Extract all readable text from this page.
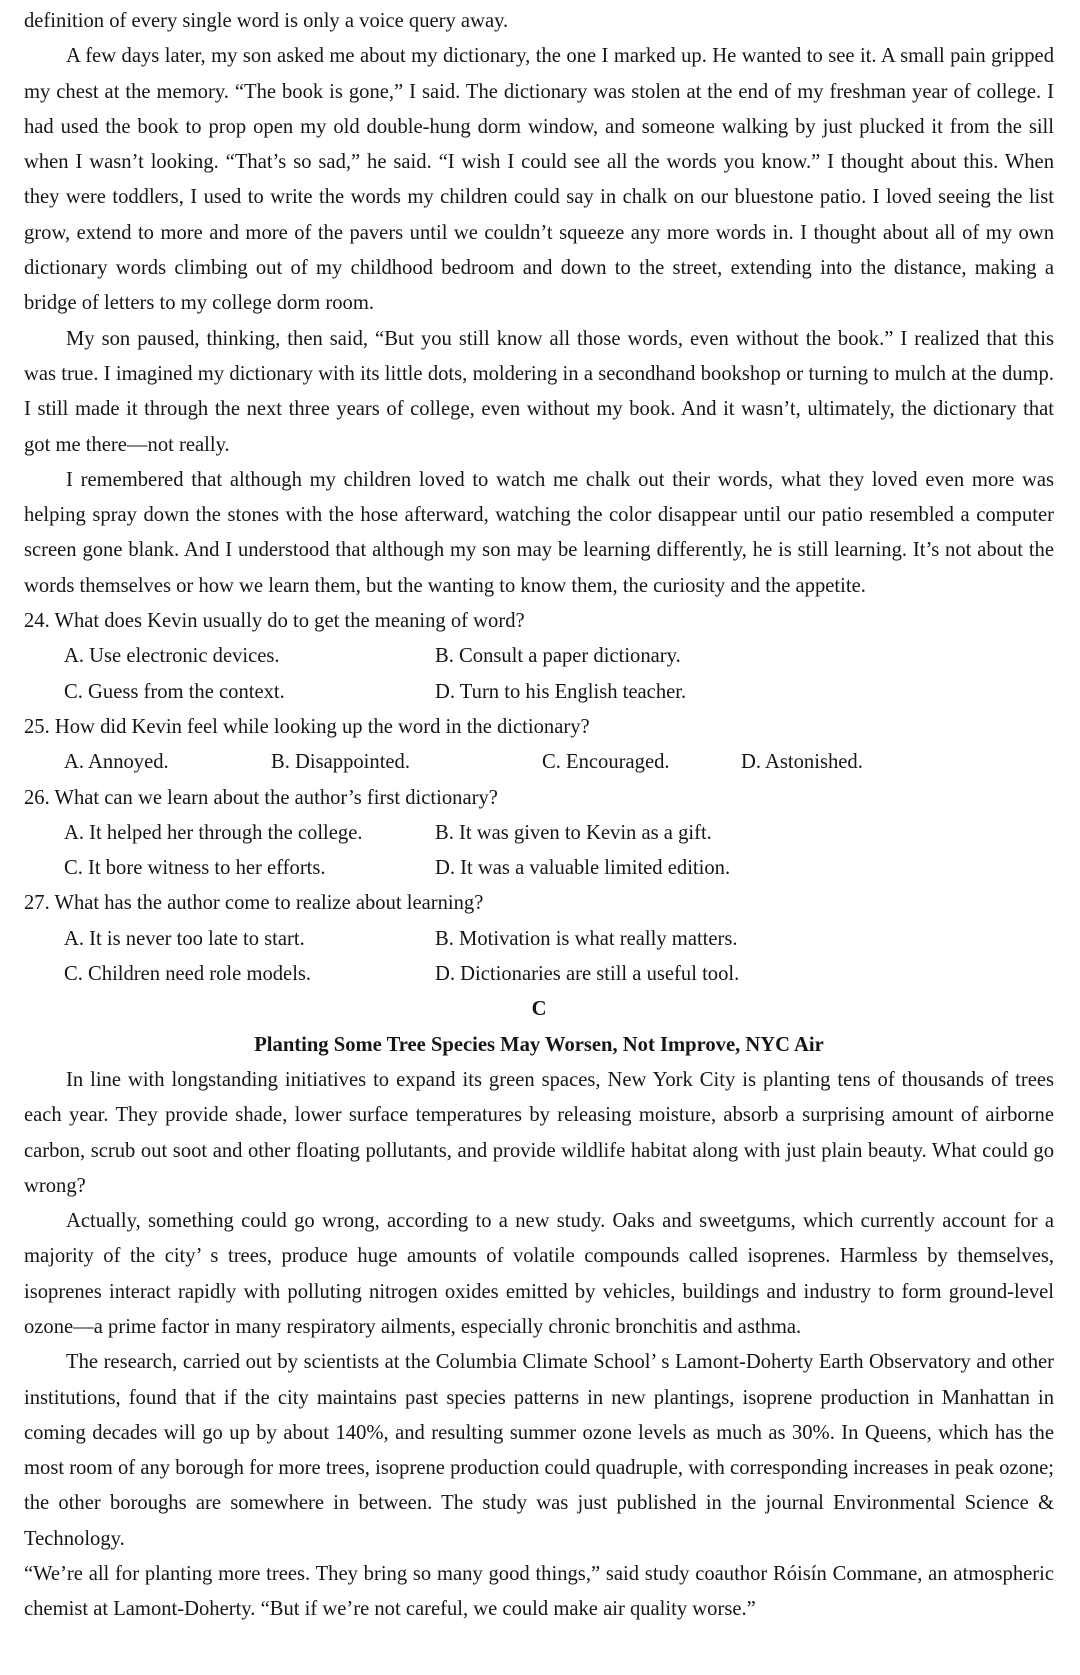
definition of every single word is only a voice query away.

A few days later, my son asked me about my dictionary, the one I marked up. He wanted to see it. A small pain gripped my chest at the memory. “The book is gone,” I said. The dictionary was stolen at the end of my freshman year of college. I had used the book to prop open my old double-hung dorm window, and someone walking by just plucked it from the sill when I wasn’t looking. “That’s so sad,” he said. “I wish I could see all the words you know.” I thought about this. When they were toddlers, I used to write the words my children could say in chalk on our bluestone patio. I loved seeing the list grow, extend to more and more of the pavers until we couldn’t squeeze any more words in. I thought about all of my own dictionary words climbing out of my childhood bedroom and down to the street, extending into the distance, making a bridge of letters to my college dorm room.

My son paused, thinking, then said, “But you still know all those words, even without the book.” I realized that this was true. I imagined my dictionary with its little dots, moldering in a secondhand bookshop or turning to mulch at the dump. I still made it through the next three years of college, even without my book. And it wasn’t, ultimately, the dictionary that got me there—not really.

I remembered that although my children loved to watch me chalk out their words, what they loved even more was helping spray down the stones with the hose afterward, watching the color disappear until our patio resembled a computer screen gone blank. And I understood that although my son may be learning differently, he is still learning. It’s not about the words themselves or how we learn them, but the wanting to know them, the curiosity and the appetite.

24. What does Kevin usually do to get the meaning of word?
A. Use electronic devices.	B. Consult a paper dictionary.
C. Guess from the context.	D. Turn to his English teacher.
25. How did Kevin feel while looking up the word in the dictionary?
A. Annoyed.	B. Disappointed.	C. Encouraged.	D. Astonished.
26. What can we learn about the author’s first dictionary?
A. It helped her through the college.	B. It was given to Kevin as a gift.
C. It bore witness to her efforts.	D. It was a valuable limited edition.
27. What has the author come to realize about learning?
A. It is never too late to start.	B. Motivation is what really matters.
C. Children need role models.	D. Dictionaries are still a useful tool.
C
Planting Some Tree Species May Worsen, Not Improve, NYC Air

In line with longstanding initiatives to expand its green spaces, New York City is planting tens of thousands of trees each year. They provide shade, lower surface temperatures by releasing moisture, absorb a surprising amount of airborne carbon, scrub out soot and other floating pollutants, and provide wildlife habitat along with just plain beauty. What could go wrong?

Actually, something could go wrong, according to a new study. Oaks and sweetgums, which currently account for a majority of the city’ s trees, produce huge amounts of volatile compounds called isoprenes. Harmless by themselves, isoprenes interact rapidly with polluting nitrogen oxides emitted by vehicles, buildings and industry to form ground-level ozone—a prime factor in many respiratory ailments, especially chronic bronchitis and asthma.

The research, carried out by scientists at the Columbia Climate School’ s Lamont-Doherty Earth Observatory and other institutions, found that if the city maintains past species patterns in new plantings, isoprene production in Manhattan in coming decades will go up by about 140%, and resulting summer ozone levels as much as 30%. In Queens, which has the most room of any borough for more trees, isoprene production could quadruple, with corresponding increases in peak ozone; the other boroughs are somewhere in between. The study was just published in the journal Environmental Science & Technology.

“We’re all for planting more trees. They bring so many good things,” said study coauthor Róisín Commane, an atmospheric chemist at Lamont-Doherty. “But if we’re not careful, we could make air quality worse.”
